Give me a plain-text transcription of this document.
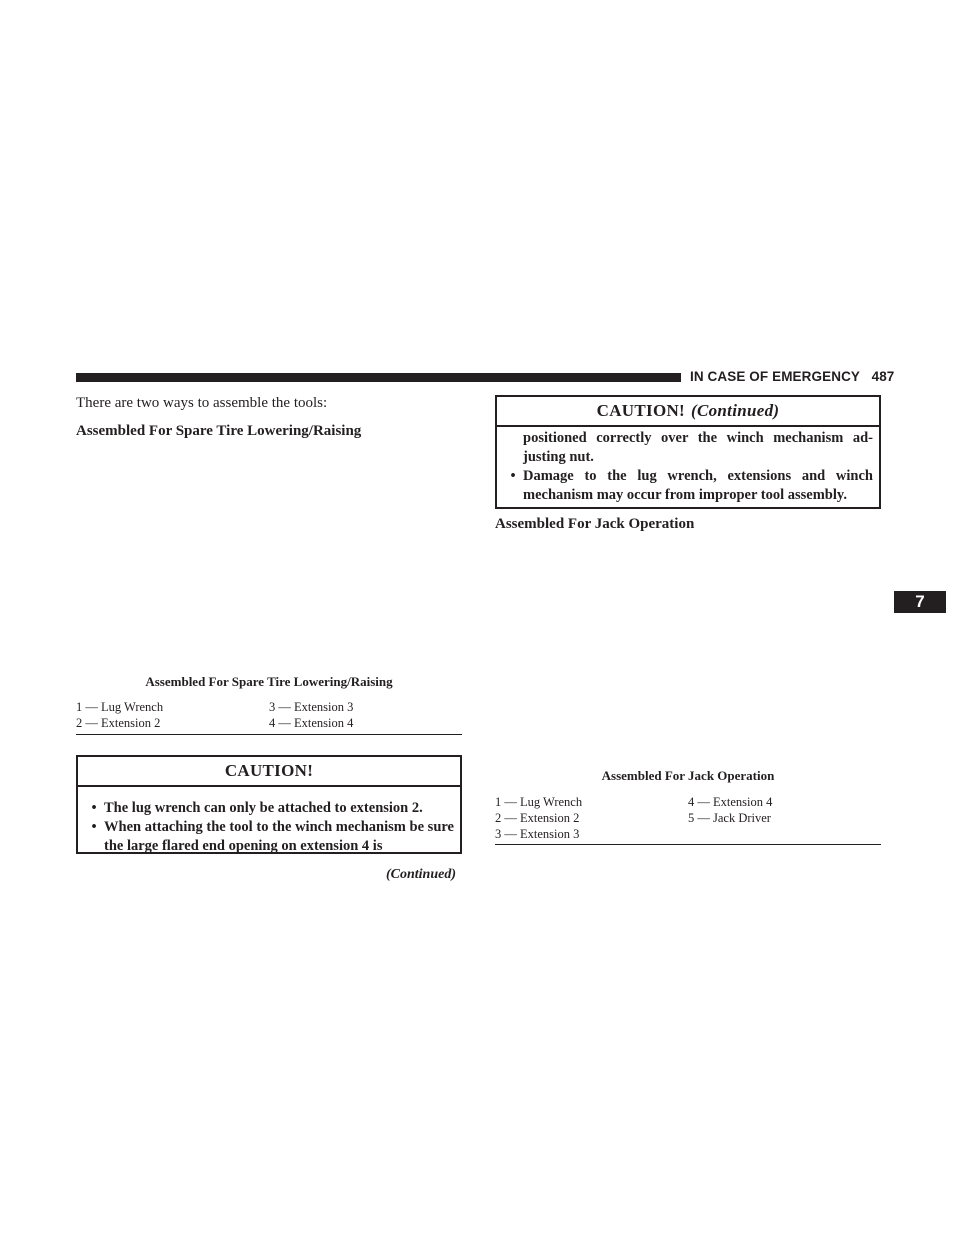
IN CASE OF EMERGENCY 487
7
There are two ways to assemble the tools:
Assembled For Spare Tire Lowering/Raising
Assembled For Spare Tire Lowering/Raising
1 — Lug Wrench	3 — Extension 3
2 — Extension 2	4 — Extension 4
CAUTION!
• The lug wrench can only be attached to extension 2.
• When attaching the tool to the winch mechanism be sure the large flared end opening on extension 4 is
(Continued)
CAUTION! (Continued)
positioned correctly over the winch mechanism ad-justing nut.
• Damage to the lug wrench, extensions and winch mechanism may occur from improper tool assembly.
Assembled For Jack Operation
Assembled For Jack Operation
1 — Lug Wrench	4 — Extension 4
2 — Extension 2	5 — Jack Driver
3 — Extension 3
